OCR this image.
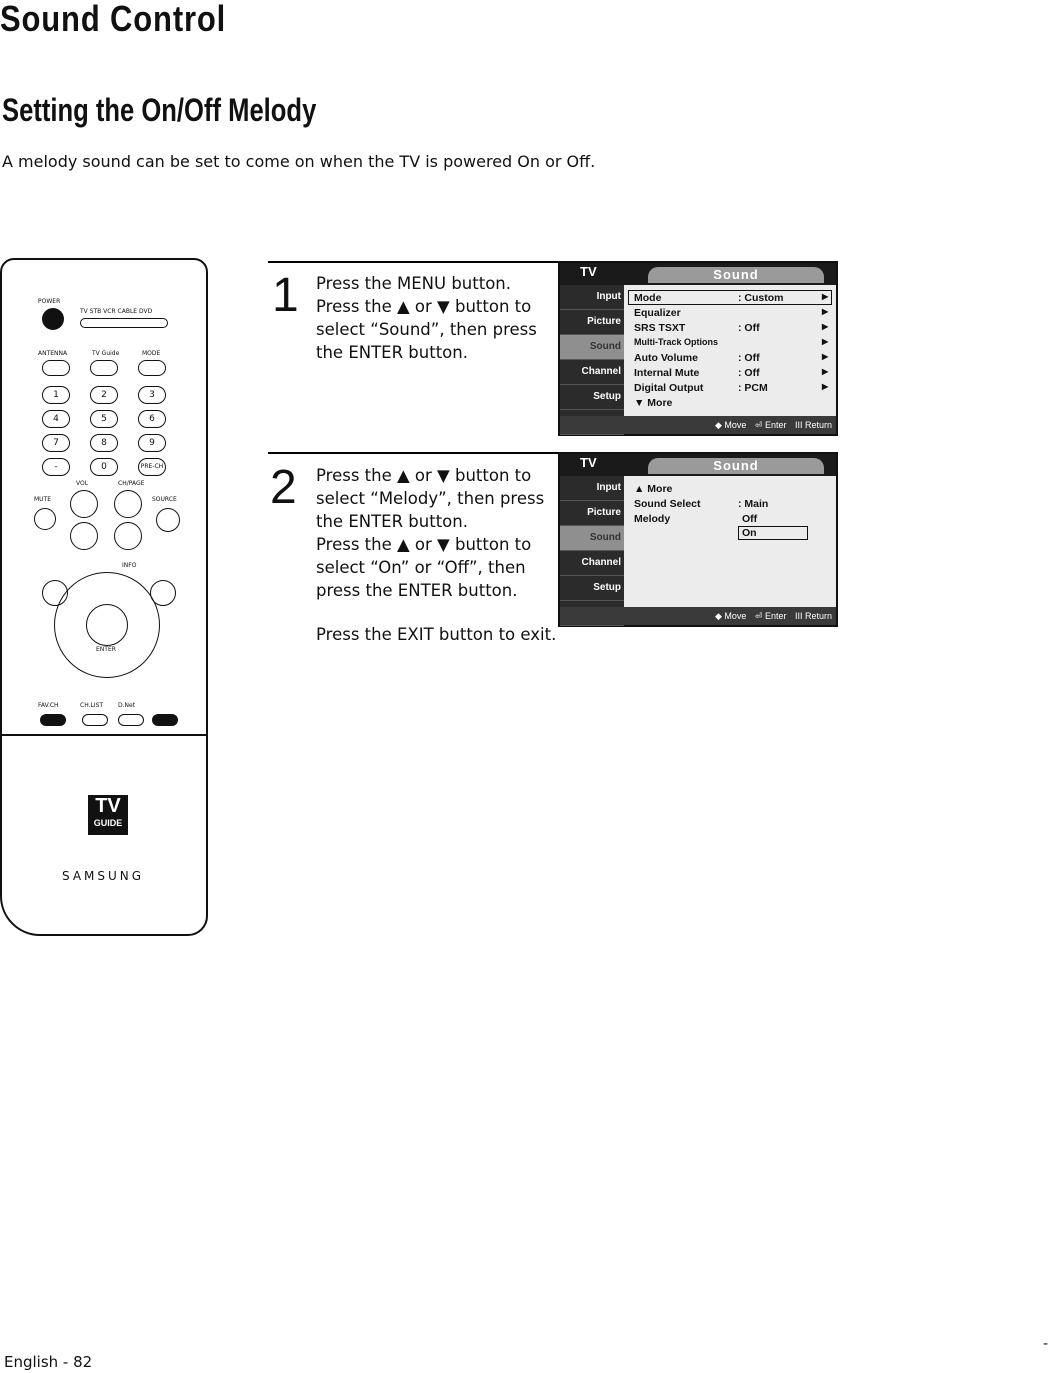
Sound Control
Setting the On/Off Melody
A melody sound can be set to come on when the TV is powered On or Off.
POWER
TV STB VCR CABLE DVD
ANTENNA	TV Guide	MODE
1	2	3
4	5	6
7	8	9
-	0	PRE-CH
VOL	CH/PAGE
MUTE	SOURCE
INFO
ENTER
FAV.CH	CH.LIST D.Net
TV
GUIDE
SAMSUNG
1 Press the MENU button.
Press the ▲ or ▼ button to
select “Sound”, then press
the ENTER button.
TV	Sound
Input
Picture
Sound
Channel
Setup
Mode	: Custom	▶
Equalizer	▶
SRS TSXT	: Off	▶
Multi-Track Options	▶
Auto Volume	: Off	▶
Internal Mute	: Off	▶
Digital Output	: PCM	▶
▼ More
◆ Move ⏎ Enter III Return
2 Press the ▲ or ▼ button to
select “Melody”, then press
the ENTER button.
Press the ▲ or ▼ button to
select “On” or “Off”, then
press the ENTER button.
Press the EXIT button to exit.
TV	Sound
Input
Picture
Sound
Channel
Setup
▲ More
Sound Select	: Main
Melody	Off
On
◆ Move ⏎ Enter III Return
English - 82
-
